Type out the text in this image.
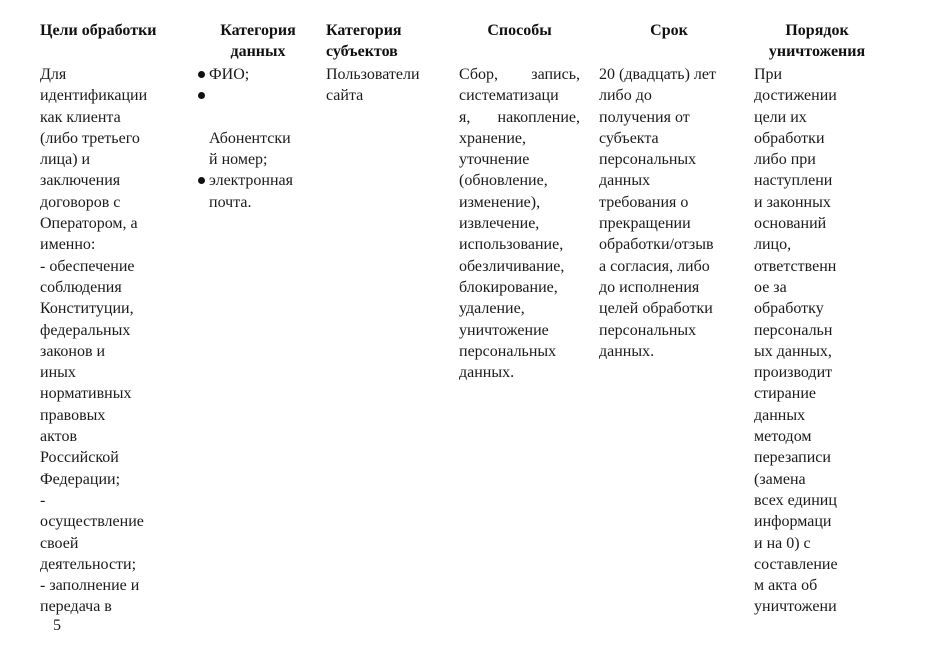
Цели обработки
Для
идентификации
как клиента
(либо третьего
лица) и
заключения
договоров с
Оператором, а
именно:
- обеспечение
соблюдения
Конституции,
федеральных
законов и
иных
нормативных
правовых
актов
Российской
Федерации;
-
осуществление
своей
деятельности;
- заполнение и
передача в
Категория
данных
ФИО;

Абонентски
й номер;
электронная
почта.
Категория
субъектов
Пользователи
сайта
Способы
Сбор, запись,
систематизаци
я, накопление,
хранение,
уточнение
(обновление,
изменение),
извлечение,
использование,
обезличивание,
блокирование,
удаление,
уничтожение
персональных
данных.
Срок
20 (двадцать) лет
либо до
получения от
субъекта
персональных
данных
требования о
прекращении
обработки/отзыв
а согласия, либо
до исполнения
целей обработки
персональных
данных.
Порядок
уничтожения
При
достижении
цели их
обработки
либо при
наступлени
и законных
оснований
лицо,
ответственн
ое за
обработку
персональн
ых данных,
производит
стирание
данных
методом
перезаписи
(замена
всех единиц
информаци
и на 0) с
составление
м акта об
уничтожени
5
